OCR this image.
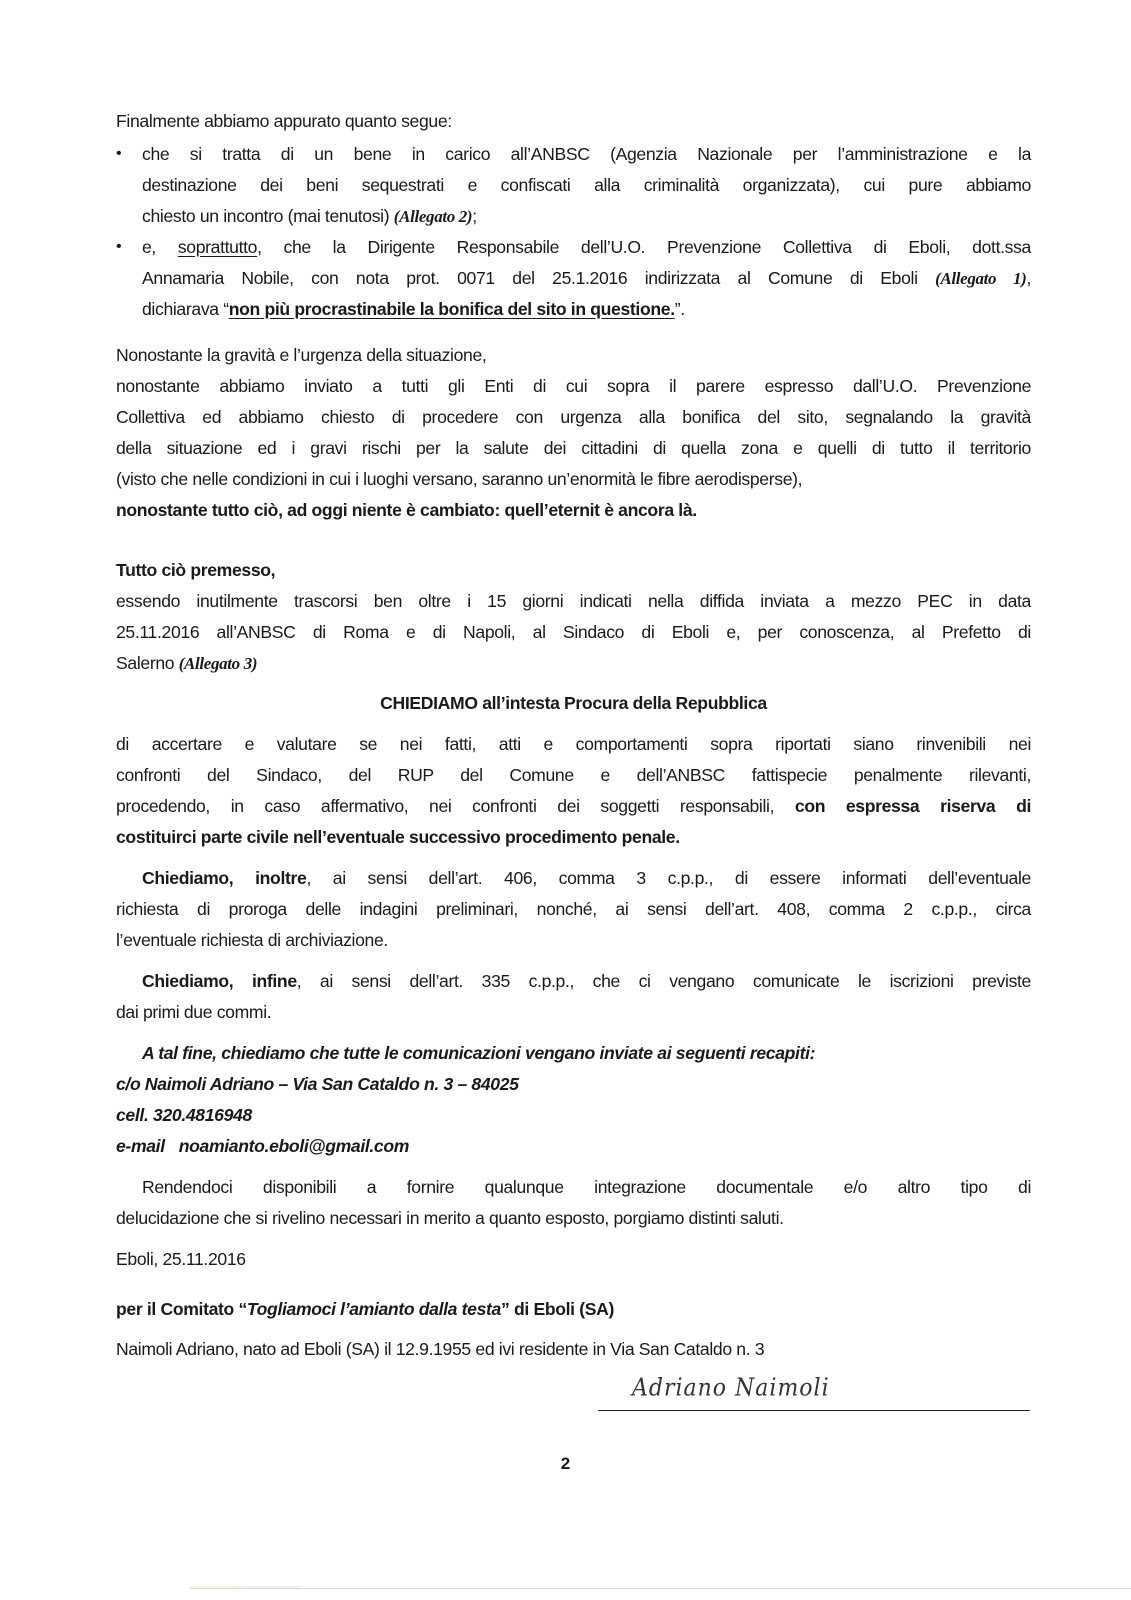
Finalmente abbiamo appurato quanto segue:
• che si tratta di un bene in carico all’ANBSC (Agenzia Nazionale per l’amministrazione e la
destinazione dei beni sequestrati e confiscati alla criminalità organizzata), cui pure abbiamo
chiesto un incontro (mai tenutosi) (Allegato 2);
• e, soprattutto, che la Dirigente Responsabile dell’U.O. Prevenzione Collettiva di Eboli, dott.ssa
Annamaria Nobile, con nota prot. 0071 del 25.1.2016 indirizzata al Comune di Eboli (Allegato 1),
dichiarava “non più procrastinabile la bonifica del sito in questione.”.
Nonostante la gravità e l’urgenza della situazione,
nonostante abbiamo inviato a tutti gli Enti di cui sopra il parere espresso dall’U.O. Prevenzione
Collettiva ed abbiamo chiesto di procedere con urgenza alla bonifica del sito, segnalando la gravità
della situazione ed i gravi rischi per la salute dei cittadini di quella zona e quelli di tutto il territorio
(visto che nelle condizioni in cui i luoghi versano, saranno un’enormità le fibre aerodisperse),
nonostante tutto ciò, ad oggi niente è cambiato: quell’eternit è ancora là.
Tutto ciò premesso,
essendo inutilmente trascorsi ben oltre i 15 giorni indicati nella diffida inviata a mezzo PEC in data
25.11.2016 all’ANBSC di Roma e di Napoli, al Sindaco di Eboli e, per conoscenza, al Prefetto di
Salerno (Allegato 3)
CHIEDIAMO all’intesta Procura della Repubblica
di accertare e valutare se nei fatti, atti e comportamenti sopra riportati siano rinvenibili nei
confronti del Sindaco, del RUP del Comune e dell’ANBSC fattispecie penalmente rilevanti,
procedendo, in caso affermativo, nei confronti dei soggetti responsabili, con espressa riserva di
costituirci parte civile nell’eventuale successivo procedimento penale.
Chiediamo, inoltre, ai sensi dell’art. 406, comma 3 c.p.p., di essere informati dell’eventuale
richiesta di proroga delle indagini preliminari, nonché, ai sensi dell’art. 408, comma 2 c.p.p., circa
l’eventuale richiesta di archiviazione.
Chiediamo, infine, ai sensi dell’art. 335 c.p.p., che ci vengano comunicate le iscrizioni previste
dai primi due commi.
A tal fine, chiediamo che tutte le comunicazioni vengano inviate ai seguenti recapiti:
c/o Naimoli Adriano – Via San Cataldo n. 3 – 84025
cell. 320.4816948
e-mail noamianto.eboli@gmail.com
Rendendoci disponibili a fornire qualunque integrazione documentale e/o altro tipo di
delucidazione che si rivelino necessari in merito a quanto esposto, porgiamo distinti saluti.
Eboli, 25.11.2016
per il Comitato “Togliamoci l’amianto dalla testa” di Eboli (SA)
Naimoli Adriano, nato ad Eboli (SA) il 12.9.1955 ed ivi residente in Via San Cataldo n. 3
Adriano Naimoli
2
